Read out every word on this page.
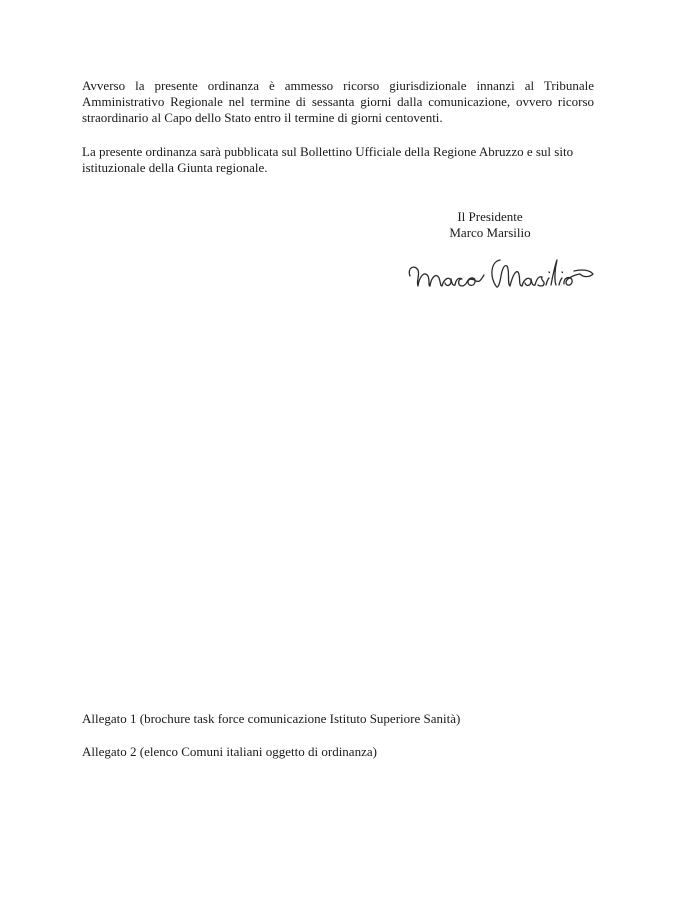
Avverso la presente ordinanza è ammesso ricorso giurisdizionale innanzi al Tribunale Amministrativo Regionale nel termine di sessanta giorni dalla comunicazione, ovvero ricorso straordinario al Capo dello Stato entro il termine di giorni centoventi.

La presente ordinanza sarà pubblicata sul Bollettino Ufficiale della Regione Abruzzo e sul sito istituzionale della Giunta regionale.

Il Presidente
Marco Marsilio
Allegato 1 (brochure task force comunicazione Istituto Superiore Sanità)
Allegato 2 (elenco Comuni italiani oggetto di ordinanza)
